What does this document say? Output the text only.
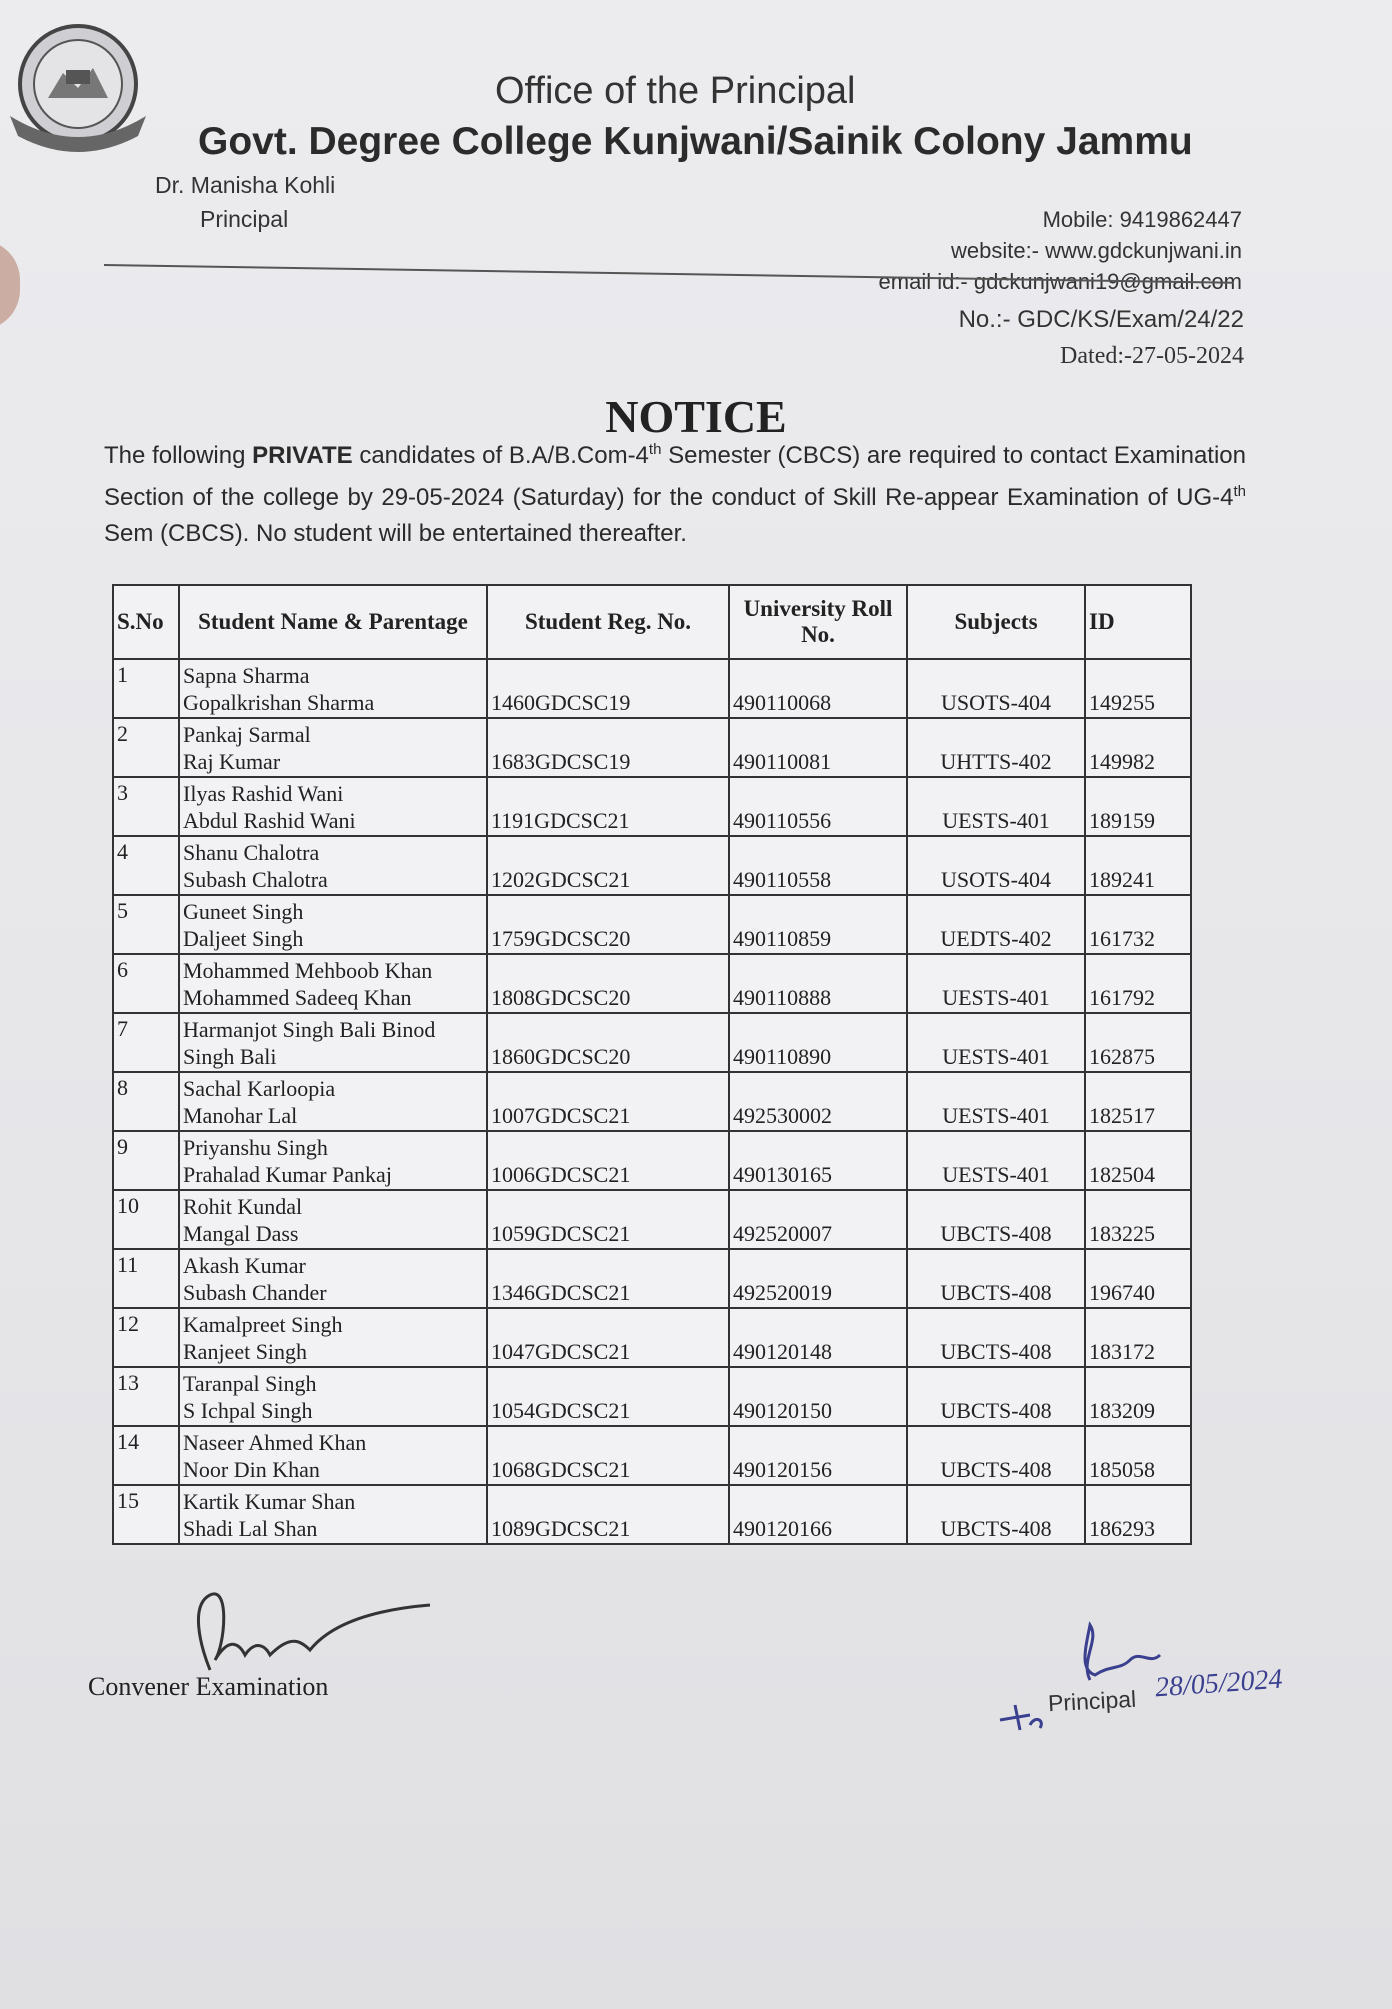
Office of the Principal
Govt. Degree College Kunjwani/Sainik Colony Jammu
Dr. Manisha Kohli
Principal	Mobile: 9419862447
website:- www.gdckunjwani.in
email id:- gdckunjwani19@gmail.com
No.:- GDC/KS/Exam/24/22
Dated:-27-05-2024
NOTICE
The following PRIVATE candidates of B.A/B.Com-4th Semester (CBCS) are required to contact Examination Section of the college by 29-05-2024 (Saturday) for the conduct of Skill Re-appear Examination of UG-4th Sem (CBCS). No student will be entertained thereafter.
S.No	Student Name & Parentage	Student Reg. No.	University Roll No.	Subjects	ID
1	Sapna Sharma
Gopalkrishan Sharma	1460GDCSC19	490110068	USOTS-404	149255
2	Pankaj Sarmal
Raj Kumar	1683GDCSC19	490110081	UHTTS-402	149982
3	Ilyas Rashid Wani
Abdul Rashid Wani	1191GDCSC21	490110556	UESTS-401	189159
4	Shanu Chalotra
Subash Chalotra	1202GDCSC21	490110558	USOTS-404	189241
5	Guneet Singh
Daljeet Singh	1759GDCSC20	490110859	UEDTS-402	161732
6	Mohammed Mehboob Khan
Mohammed Sadeeq Khan	1808GDCSC20	490110888	UESTS-401	161792
7	Harmanjot Singh Bali Binod
Singh Bali	1860GDCSC20	490110890	UESTS-401	162875
8	Sachal Karloopia
Manohar Lal	1007GDCSC21	492530002	UESTS-401	182517
9	Priyanshu Singh
Prahalad Kumar Pankaj	1006GDCSC21	490130165	UESTS-401	182504
10	Rohit Kundal
Mangal Dass	1059GDCSC21	492520007	UBCTS-408	183225
11	Akash Kumar
Subash Chander	1346GDCSC21	492520019	UBCTS-408	196740
12	Kamalpreet Singh
Ranjeet Singh	1047GDCSC21	490120148	UBCTS-408	183172
13	Taranpal Singh
S Ichpal Singh	1054GDCSC21	490120150	UBCTS-408	183209
14	Naseer Ahmed Khan
Noor Din Khan	1068GDCSC21	490120156	UBCTS-408	185058
15	Kartik Kumar Shan
Shadi Lal Shan	1089GDCSC21	490120166	UBCTS-408	186293
Convener Examination	Principal 28/05/2024
